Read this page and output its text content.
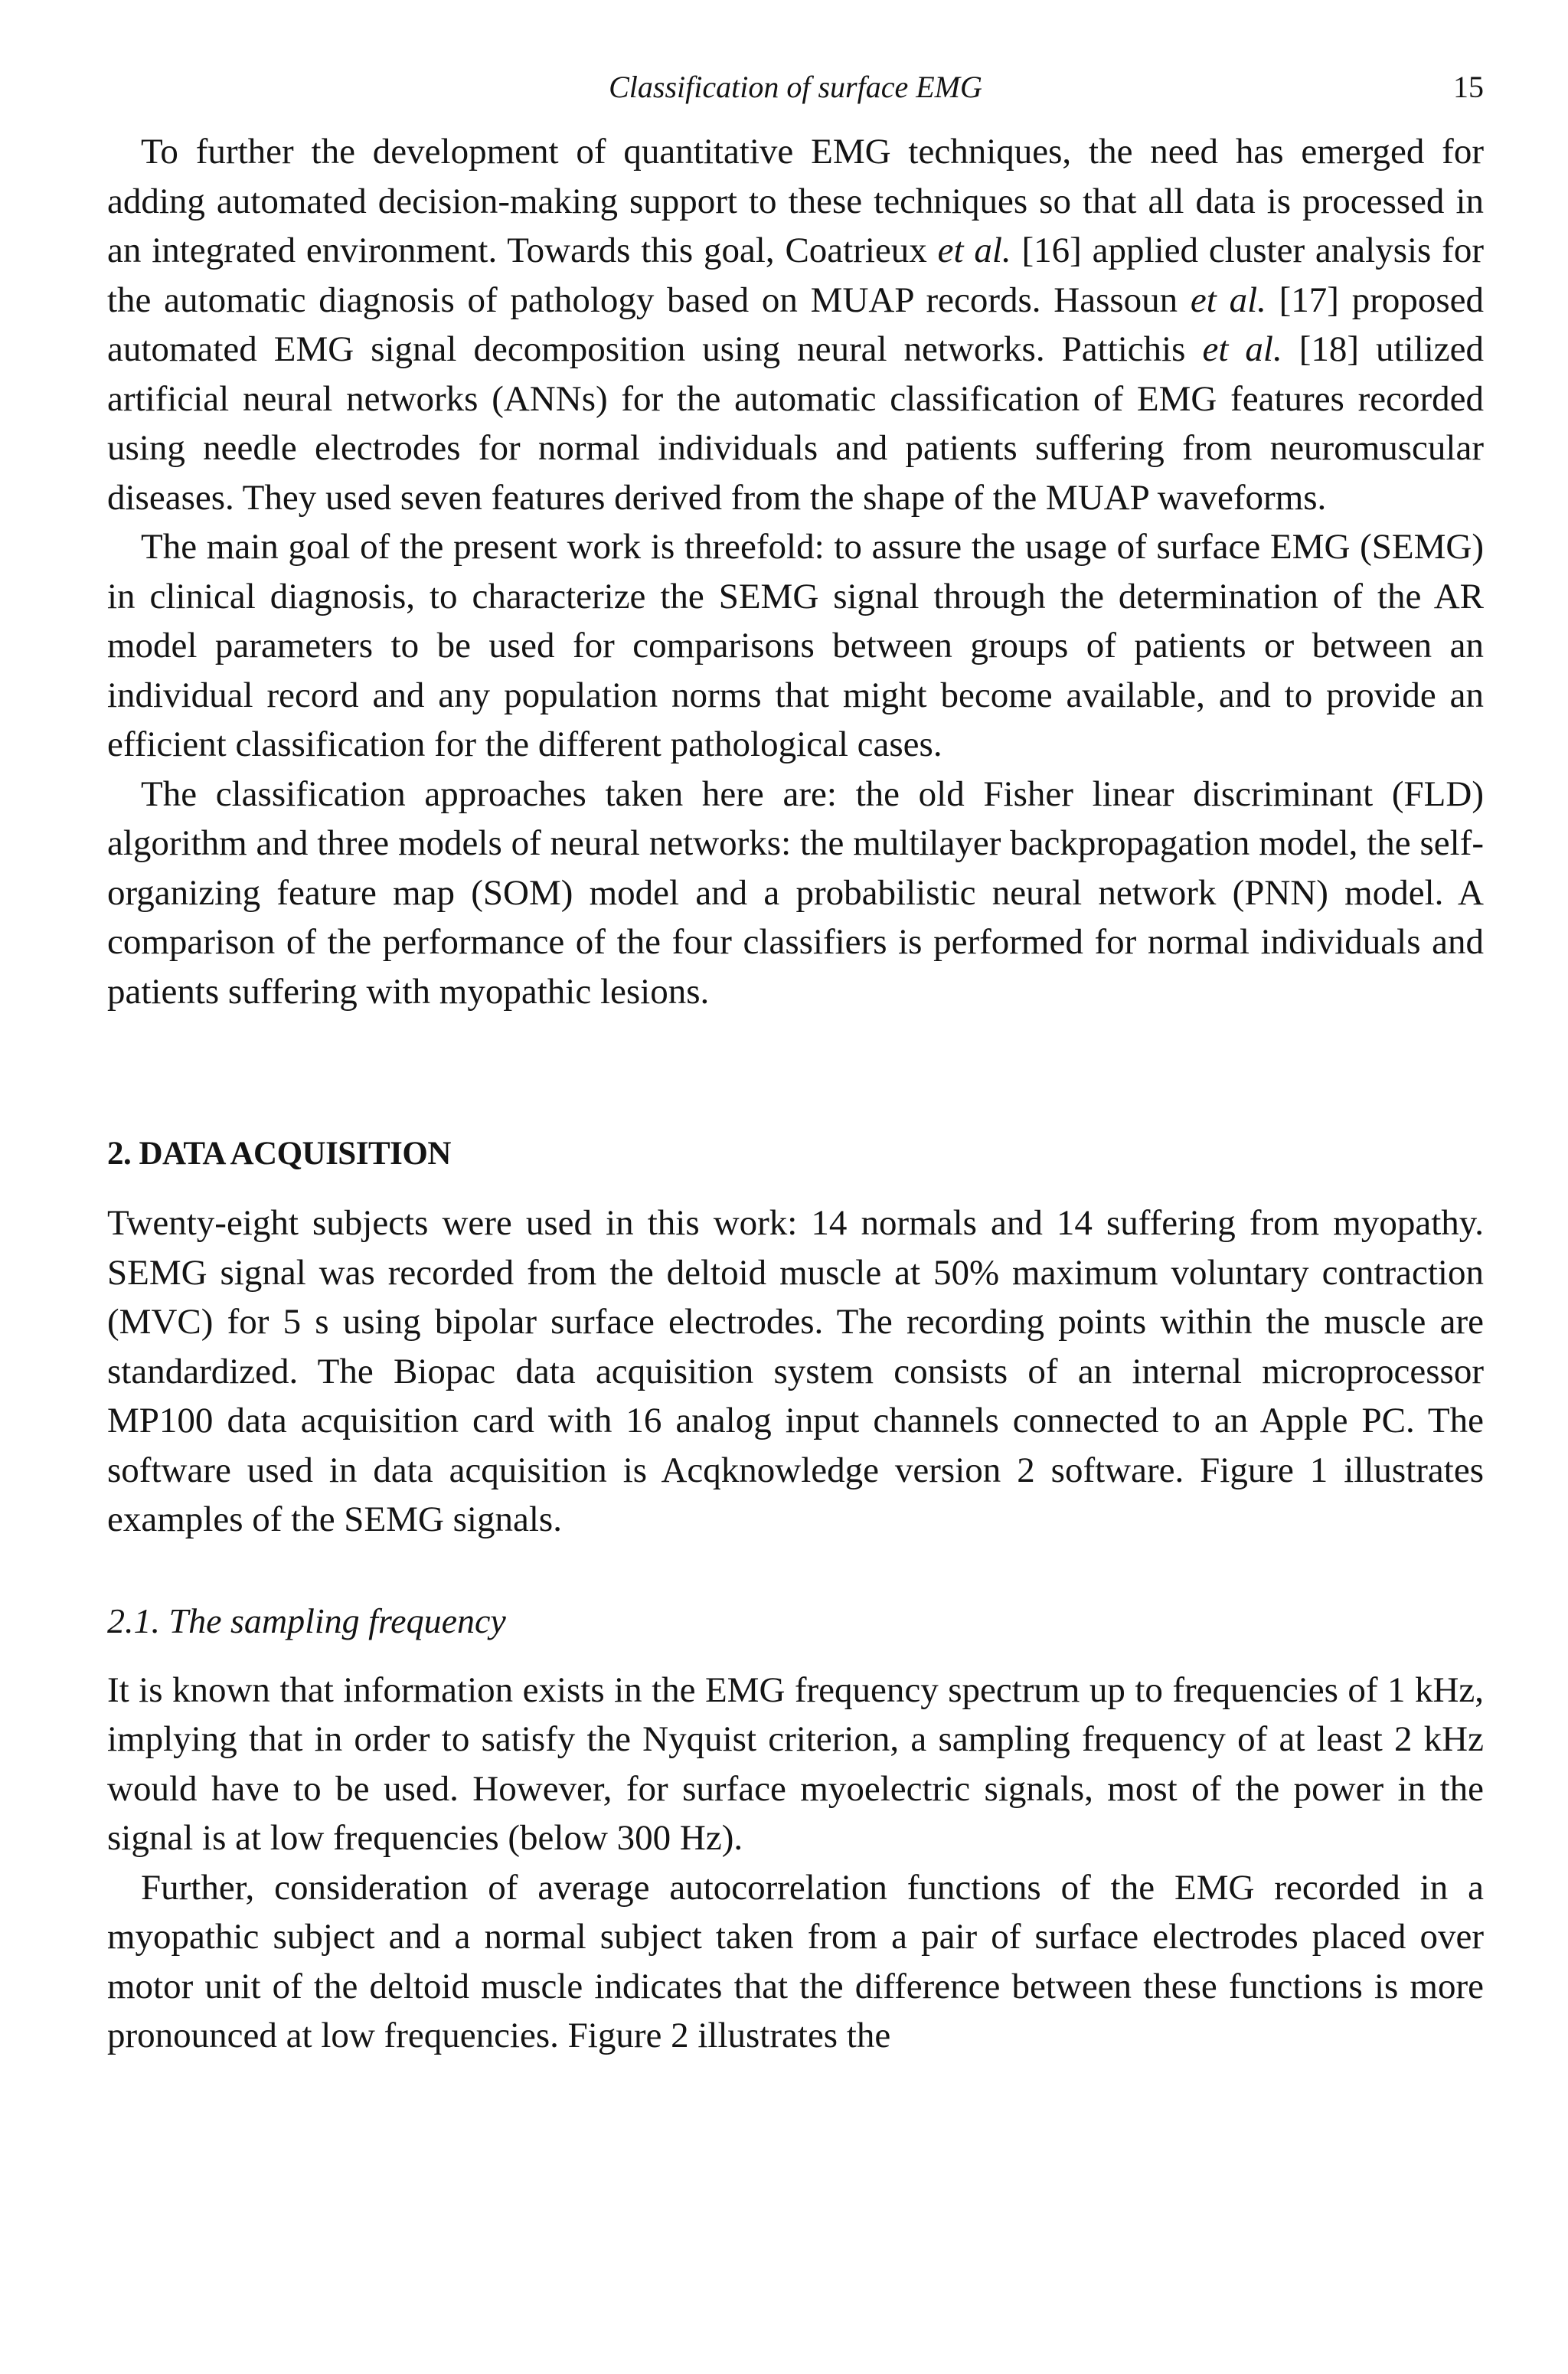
Classification of surface EMG	15

To further the development of quantitative EMG techniques, the need has emerged for adding automated decision-making support to these techniques so that all data is processed in an integrated environment. Towards this goal, Coatrieux et al. [16] applied cluster analysis for the automatic diagnosis of pathology based on MUAP records. Hassoun et al. [17] proposed automated EMG signal decomposition using neural networks. Pattichis et al. [18] utilized artificial neural networks (ANNs) for the automatic classification of EMG features recorded using needle electrodes for normal individuals and patients suffering from neuromuscular diseases. They used seven features derived from the shape of the MUAP waveforms.

The main goal of the present work is threefold: to assure the usage of surface EMG (SEMG) in clinical diagnosis, to characterize the SEMG signal through the determination of the AR model parameters to be used for comparisons between groups of patients or between an individual record and any population norms that might become available, and to provide an efficient classification for the different pathological cases.

The classification approaches taken here are: the old Fisher linear discriminant (FLD) algorithm and three models of neural networks: the multilayer backpropagation model, the self-organizing feature map (SOM) model and a probabilistic neural network (PNN) model. A comparison of the performance of the four classifiers is performed for normal individuals and patients suffering with myopathic lesions.

2. DATA ACQUISITION

Twenty-eight subjects were used in this work: 14 normals and 14 suffering from myopathy. SEMG signal was recorded from the deltoid muscle at 50% maximum voluntary contraction (MVC) for 5 s using bipolar surface electrodes. The recording points within the muscle are standardized. The Biopac data acquisition system consists of an internal microprocessor MP100 data acquisition card with 16 analog input channels connected to an Apple PC. The software used in data acquisition is Acqknowledge version 2 software. Figure 1 illustrates examples of the SEMG signals.

2.1. The sampling frequency

It is known that information exists in the EMG frequency spectrum up to frequencies of 1 kHz, implying that in order to satisfy the Nyquist criterion, a sampling frequency of at least 2 kHz would have to be used. However, for surface myoelectric signals, most of the power in the signal is at low frequencies (below 300 Hz).

Further, consideration of average autocorrelation functions of the EMG recorded in a myopathic subject and a normal subject taken from a pair of surface electrodes placed over motor unit of the deltoid muscle indicates that the difference between these functions is more pronounced at low frequencies. Figure 2 illustrates the
